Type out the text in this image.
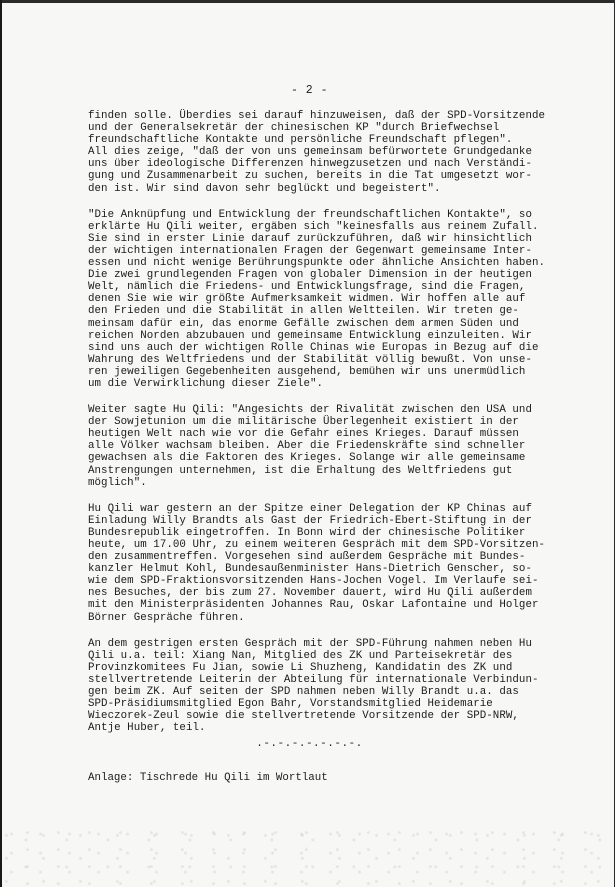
- 2 -
finden solle. Überdies sei darauf hinzuweisen, daß der SPD-Vorsitzende
und der Generalsekretär der chinesischen KP "durch Briefwechsel
freundschaftliche Kontakte und persönliche Freundschaft pflegen".
All dies zeige, "daß der von uns gemeinsam befürwortete Grundgedanke
uns über ideologische Differenzen hinwegzusetzen und nach Verständi-
gung und Zusammenarbeit zu suchen, bereits in die Tat umgesetzt wor-
den ist. Wir sind davon sehr beglückt und begeistert".
"Die Anknüpfung und Entwicklung der freundschaftlichen Kontakte", so
erklärte Hu Qili weiter, ergäben sich "keinesfalls aus reinem Zufall.
Sie sind in erster Linie darauf zurückzuführen, daß wir hinsichtlich
der wichtigen internationalen Fragen der Gegenwart gemeinsame Inter-
essen und nicht wenige Berührungspunkte oder ähnliche Ansichten haben.
Die zwei grundlegenden Fragen von globaler Dimension in der heutigen
Welt, nämlich die Friedens- und Entwicklungsfrage, sind die Fragen,
denen Sie wie wir größte Aufmerksamkeit widmen. Wir hoffen alle auf
den Frieden und die Stabilität in allen Weltteilen. Wir treten ge-
meinsam dafür ein, das enorme Gefälle zwischen dem armen Süden und
reichen Norden abzubauen und gemeinsame Entwicklung einzuleiten. Wir
sind uns auch der wichtigen Rolle Chinas wie Europas in Bezug auf die
Wahrung des Weltfriedens und der Stabilität völlig bewußt. Von unse-
ren jeweiligen Gegebenheiten ausgehend, bemühen wir uns unermüdlich
um die Verwirklichung dieser Ziele".
Weiter sagte Hu Qili: "Angesichts der Rivalität zwischen den USA und
der Sowjetunion um die militärische Überlegenheit existiert in der
heutigen Welt nach wie vor die Gefahr eines Krieges. Darauf müssen
alle Völker wachsam bleiben. Aber die Friedenskräfte sind schneller
gewachsen als die Faktoren des Krieges. Solange wir alle gemeinsame
Anstrengungen unternehmen, ist die Erhaltung des Weltfriedens gut
möglich".
Hu Qili war gestern an der Spitze einer Delegation der KP Chinas auf
Einladung Willy Brandts als Gast der Friedrich-Ebert-Stiftung in der
Bundesrepublik eingetroffen. In Bonn wird der chinesische Politiker
heute, um 17.00 Uhr, zu einem weiteren Gespräch mit dem SPD-Vorsitzen-
den zusammentreffen. Vorgesehen sind außerdem Gespräche mit Bundes-
kanzler Helmut Kohl, Bundesaußenminister Hans-Dietrich Genscher, so-
wie dem SPD-Fraktionsvorsitzenden Hans-Jochen Vogel. Im Verlaufe sei-
nes Besuches, der bis zum 27. November dauert, wird Hu Qili außerdem
mit den Ministerpräsidenten Johannes Rau, Oskar Lafontaine und Holger
Börner Gespräche führen.
An dem gestrigen ersten Gespräch mit der SPD-Führung nahmen neben Hu
Qili u.a. teil: Xiang Nan, Mitglied des ZK und Parteisekretär des
Provinzkomitees Fu Jian, sowie Li Shuzheng, Kandidatin des ZK und
stellvertretende Leiterin der Abteilung für internationale Verbindun-
gen beim ZK. Auf seiten der SPD nahmen neben Willy Brandt u.a. das
SPD-Präsidiumsmitglied Egon Bahr, Vorstandsmitglied Heidemarie
Wieczorek-Zeul sowie die stellvertretende Vorsitzende der SPD-NRW,
Antje Huber, teil.
.-.-.-.-.-.-.-.
Anlage: Tischrede Hu Qili im Wortlaut
